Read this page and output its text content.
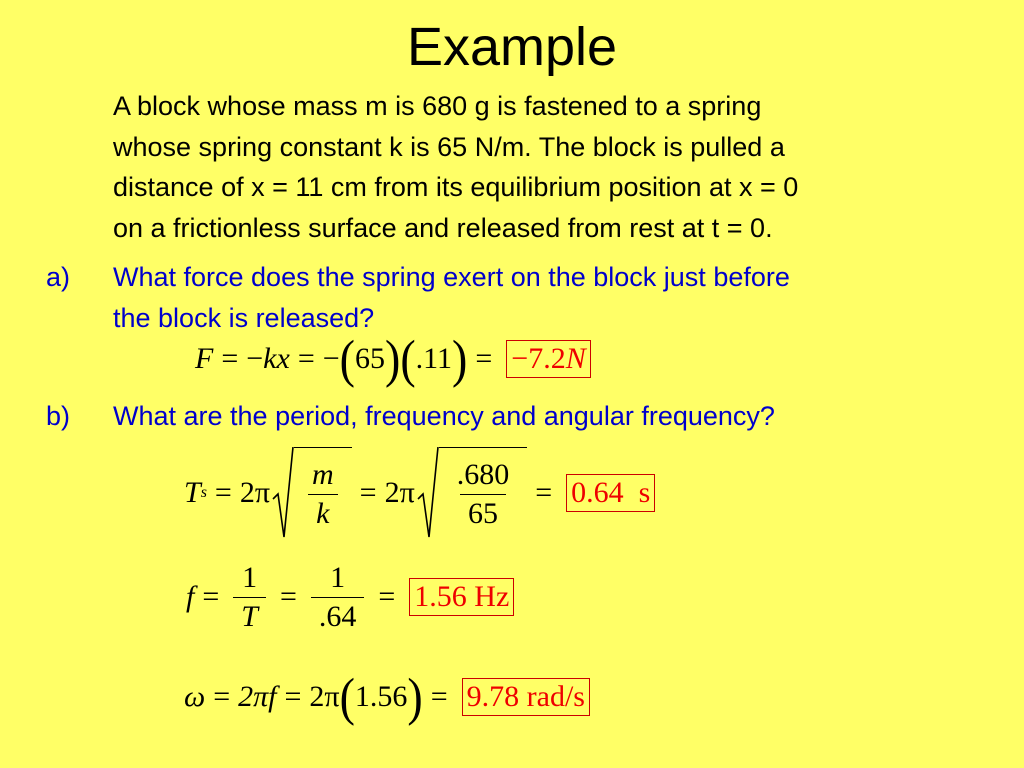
Example
A block whose mass m is 680 g is fastened to a spring
whose spring constant k is 65 N/m. The block is pulled a
distance of x = 11 cm from its equilibrium position at x = 0
on a frictionless surface and released from rest at t = 0.
a) What force does the spring exert on the block just before
the block is released?
F = − kx = − ( 65 ) ( .11 ) = −7.2N
b) What are the period, frequency and angular frequency?
T $s = 2\pi \frac{m}{k} = 2\pi \frac{.680}{65} = 0.64$  s
$f = \frac{1}{T} = \frac{1}{.64} = 1.56$ Hz
ω = 2πf = 2π ( 1.56 ) = 9.78 rad/s
